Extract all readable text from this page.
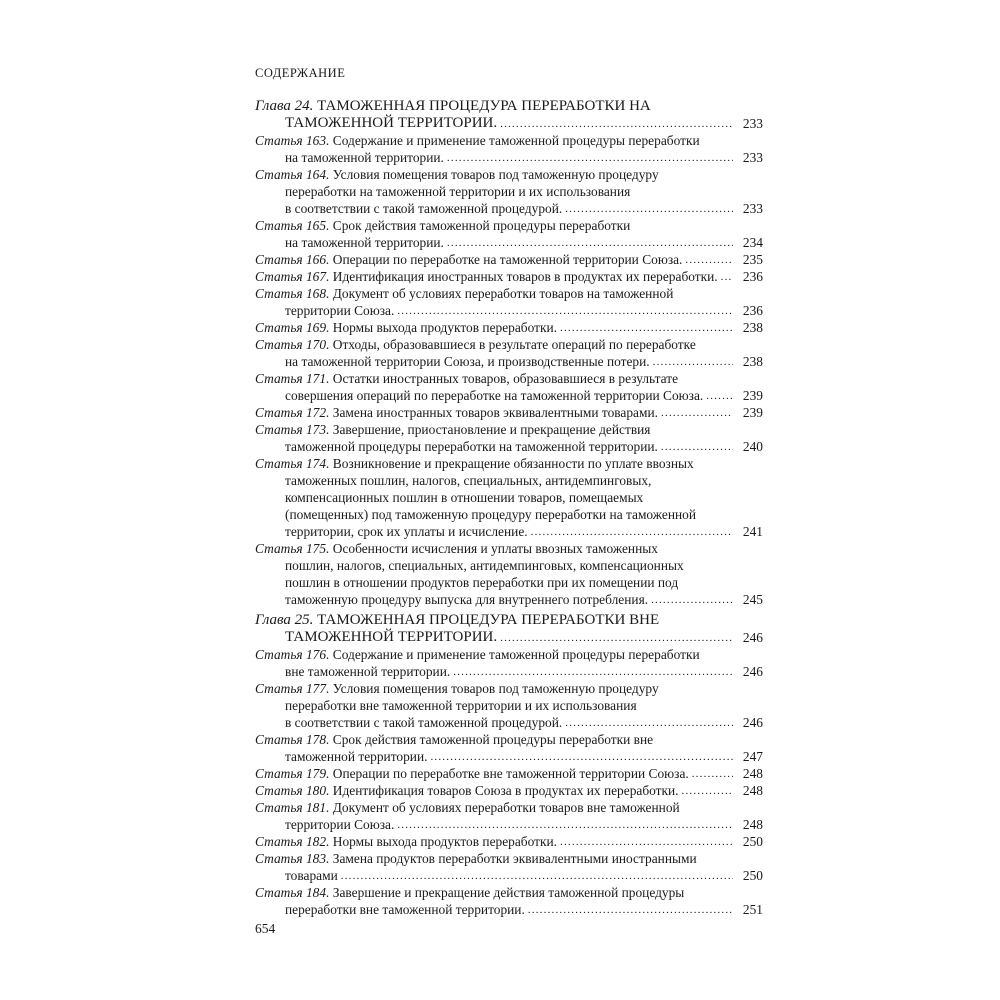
СОДЕРЖАНИЕ
Глава 24. ТАМОЖЕННАЯ ПРОЦЕДУРА ПЕРЕРАБОТКИ НА
ТАМОЖЕННОЙ ТЕРРИТОРИИ. .....	233
Статья 163. Содержание и применение таможенной процедуры переработки
на таможенной территории. .....	233
Статья 164. Условия помещения товаров под таможенную процедуру
переработки на таможенной территории и их использования
в соответствии с такой таможенной процедурой. .....	233
Статья 165. Срок действия таможенной процедуры переработки
на таможенной территории. .....	234
Статья 166. Операции по переработке на таможенной территории Союза. .....	235
Статья 167. Идентификация иностранных товаров в продуктах их переработки. .....	236
Статья 168. Документ об условиях переработки товаров на таможенной
территории Союза. .....	236
Статья 169. Нормы выхода продуктов переработки. .....	238
Статья 170. Отходы, образовавшиеся в результате операций по переработке
на таможенной территории Союза, и производственные потери. .....	238
Статья 171. Остатки иностранных товаров, образовавшиеся в результате
совершения операций по переработке на таможенной территории Союза. .....	239
Статья 172. Замена иностранных товаров эквивалентными товарами. .....	239
Статья 173. Завершение, приостановление и прекращение действия
таможенной процедуры переработки на таможенной территории. .....	240
Статья 174. Возникновение и прекращение обязанности по уплате ввозных
таможенных пошлин, налогов, специальных, антидемпинговых,
компенсационных пошлин в отношении товаров, помещаемых
(помещенных) под таможенную процедуру переработки на таможенной
территории, срок их уплаты и исчисление. .....	241
Статья 175. Особенности исчисления и уплаты ввозных таможенных
пошлин, налогов, специальных, антидемпинговых, компенсационных
пошлин в отношении продуктов переработки при их помещении под
таможенную процедуру выпуска для внутреннего потребления. .....	245
Глава 25. ТАМОЖЕННАЯ ПРОЦЕДУРА ПЕРЕРАБОТКИ ВНЕ
ТАМОЖЕННОЙ ТЕРРИТОРИИ. .....	246
Статья 176. Содержание и применение таможенной процедуры переработки
вне таможенной территории. .....	246
Статья 177. Условия помещения товаров под таможенную процедуру
переработки вне таможенной территории и их использования
в соответствии с такой таможенной процедурой. .....	246
Статья 178. Срок действия таможенной процедуры переработки вне
таможенной территории. .....	247
Статья 179. Операции по переработке вне таможенной территории Союза. .....	248
Статья 180. Идентификация товаров Союза в продуктах их переработки. .....	248
Статья 181. Документ об условиях переработки товаров вне таможенной
территории Союза. .....	248
Статья 182. Нормы выхода продуктов переработки. .....	250
Статья 183. Замена продуктов переработки эквивалентными иностранными
товарами .....	250
Статья 184. Завершение и прекращение действия таможенной процедуры
переработки вне таможенной территории. .....	251
654
